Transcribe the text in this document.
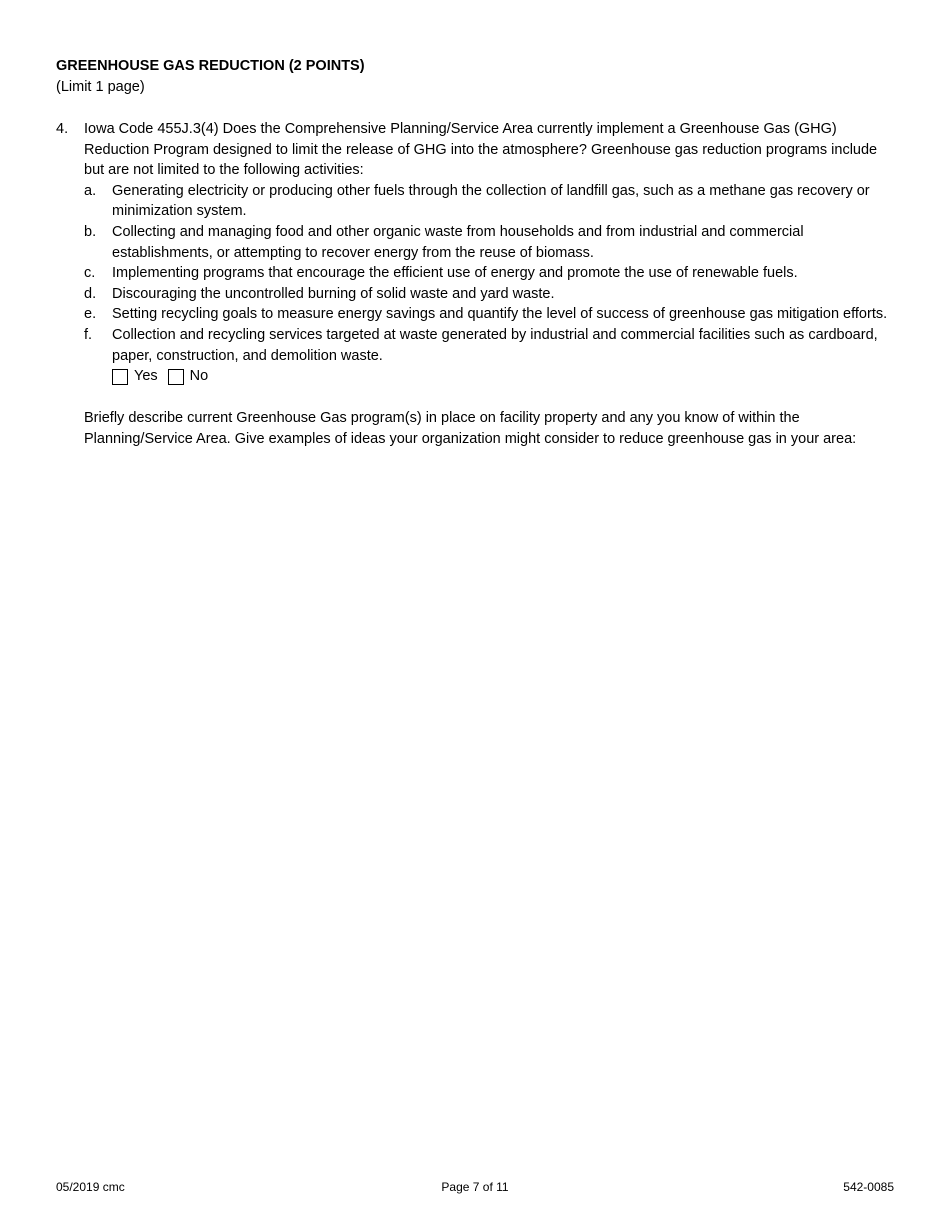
GREENHOUSE GAS REDUCTION (2 POINTS)
(Limit 1 page)
4.	Iowa Code 455J.3(4) Does the Comprehensive Planning/Service Area currently implement a Greenhouse Gas (GHG) Reduction Program designed to limit the release of GHG into the atmosphere? Greenhouse gas reduction programs include but are not limited to the following activities:
a.	Generating electricity or producing other fuels through the collection of landfill gas, such as a methane gas recovery or minimization system.
b.	Collecting and managing food and other organic waste from households and from industrial and commercial establishments, or attempting to recover energy from the reuse of biomass.
c.	Implementing programs that encourage the efficient use of energy and promote the use of renewable fuels.
d.	Discouraging the uncontrolled burning of solid waste and yard waste.
e.	Setting recycling goals to measure energy savings and quantify the level of success of greenhouse gas mitigation efforts.
f.	Collection and recycling services targeted at waste generated by industrial and commercial facilities such as cardboard, paper, construction, and demolition waste.
Yes No
Briefly describe current Greenhouse Gas program(s) in place on facility property and any you know of within the Planning/Service Area. Give examples of ideas your organization might consider to reduce greenhouse gas in your area:
Page 7 of 11
05/2019 cmc	542-0085
